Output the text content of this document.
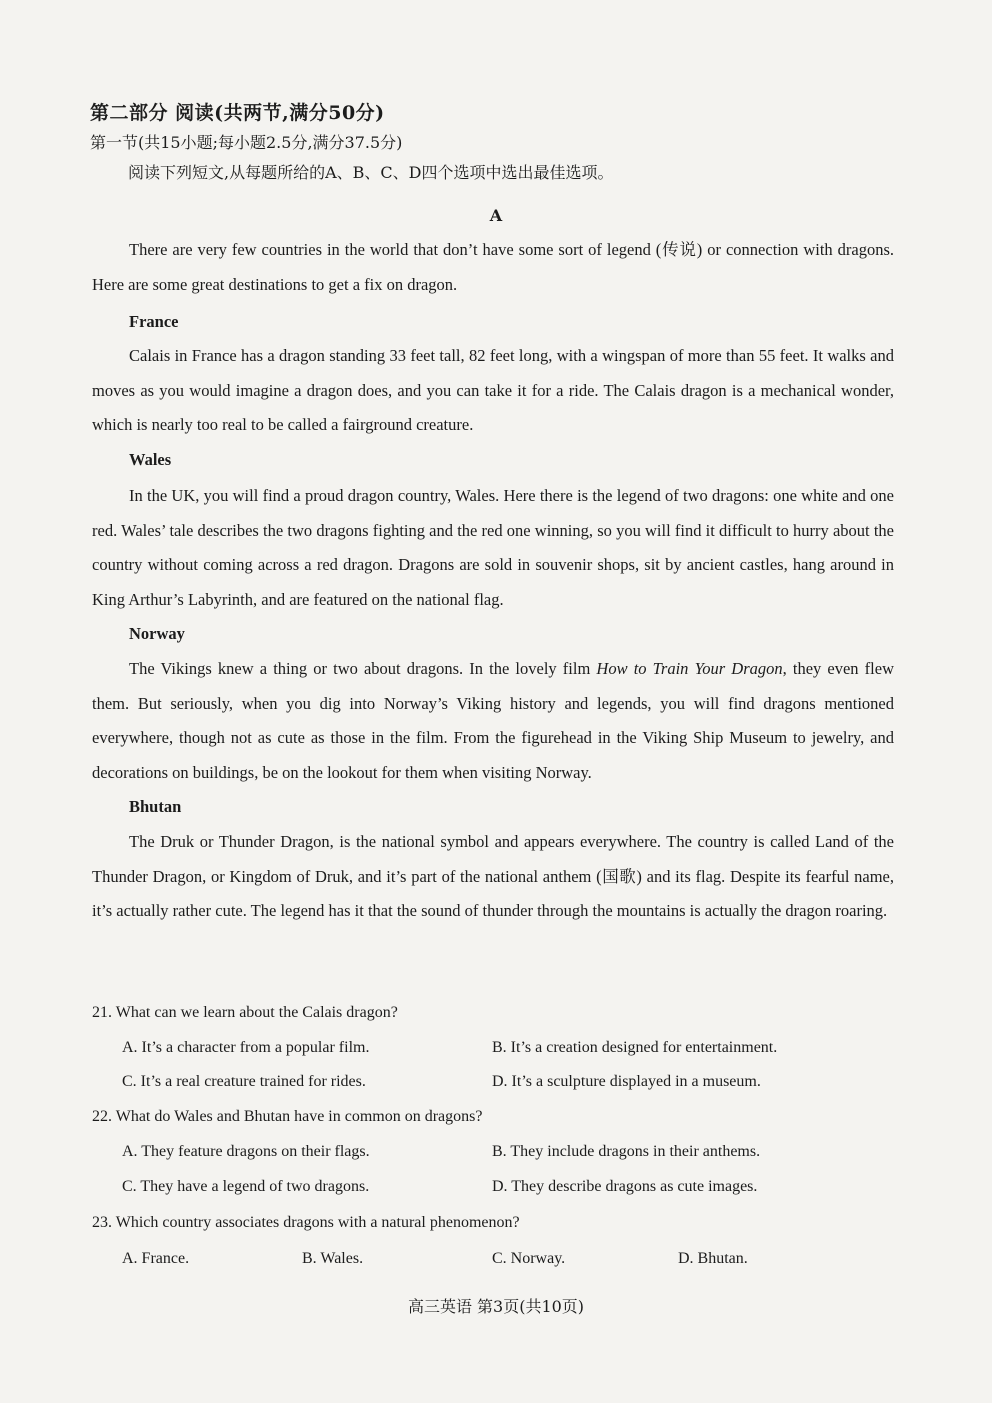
第二部分 阅读(共两节,满分50分)
第一节(共15小题;每小题2.5分,满分37.5分)
阅读下列短文,从每题所给的A、B、C、D四个选项中选出最佳选项。
A

There are very few countries in the world that don’t have some sort of legend (传说) or connection with dragons. Here are some great destinations to get a fix on dragon.

France

Calais in France has a dragon standing 33 feet tall, 82 feet long, with a wingspan of more than 55 feet. It walks and moves as you would imagine a dragon does, and you can take it for a ride. The Calais dragon is a mechanical wonder, which is nearly too real to be called a fairground creature.

Wales

In the UK, you will find a proud dragon country, Wales. Here there is the legend of two dragons: one white and one red. Wales’ tale describes the two dragons fighting and the red one winning, so you will find it difficult to hurry about the country without coming across a red dragon. Dragons are sold in souvenir shops, sit by ancient castles, hang around in King Arthur’s Labyrinth, and are featured on the national flag.

Norway

The Vikings knew a thing or two about dragons. In the lovely film How to Train Your Dragon, they even flew them. But seriously, when you dig into Norway’s Viking history and legends, you will find dragons mentioned everywhere, though not as cute as those in the film. From the figurehead in the Viking Ship Museum to jewelry, and decorations on buildings, be on the lookout for them when visiting Norway.

Bhutan

The Druk or Thunder Dragon, is the national symbol and appears everywhere. The country is called Land of the Thunder Dragon, or Kingdom of Druk, and it’s part of the national anthem (国歌) and its flag. Despite its fearful name, it’s actually rather cute. The legend has it that the sound of thunder through the mountains is actually the dragon roaring.

21. What can we learn about the Calais dragon?
A. It’s a character from a popular film.	B. It’s a creation designed for entertainment.
C. It’s a real creature trained for rides.	D. It’s a sculpture displayed in a museum.
22. What do Wales and Bhutan have in common on dragons?
A. They feature dragons on their flags.	B. They include dragons in their anthems.
C. They have a legend of two dragons.	D. They describe dragons as cute images.
23. Which country associates dragons with a natural phenomenon?
A. France.	B. Wales.	C. Norway.	D. Bhutan.
高三英语 第3页(共10页)
